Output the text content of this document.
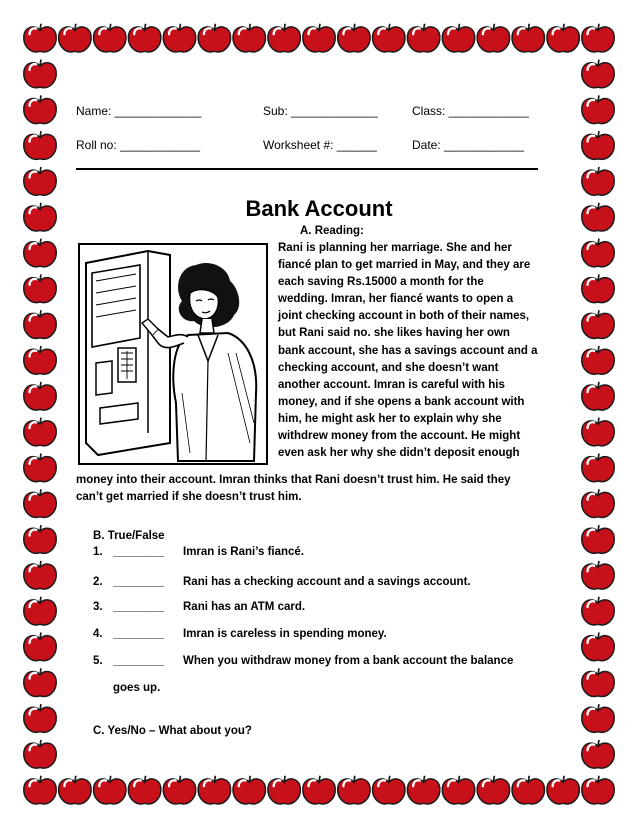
Name: _____________	Sub: _____________	Class: ____________
Roll no: ____________	Worksheet #: ______	Date: ____________
Bank Account
A. Reading:
Rani is planning her marriage. She and her
fiancé plan to get married in May, and they are
each saving Rs.15000 a month for the
wedding. Imran, her fiancé wants to open a
joint checking account in both of their names,
but Rani said no. she likes having her own
bank account, she has a savings account and a
checking account, and she doesn’t want
another account. Imran is careful with his
money, and if she opens a bank account with
him, he might ask her to explain why she
withdrew money from the account. He might
even ask her why she didn’t deposit enough
money into their account. Imran thinks that Rani doesn’t trust him. He said they
can’t get married if she doesn’t trust him.
B. True/False
1. ________ Imran is Rani’s fiancé.
2. ________ Rani has a checking account and a savings account.
3. ________ Rani has an ATM card.
4. ________ Imran is careless in spending money.
5. ________ When you withdraw money from a bank account the balance
goes up.
C. Yes/No – What about you?
